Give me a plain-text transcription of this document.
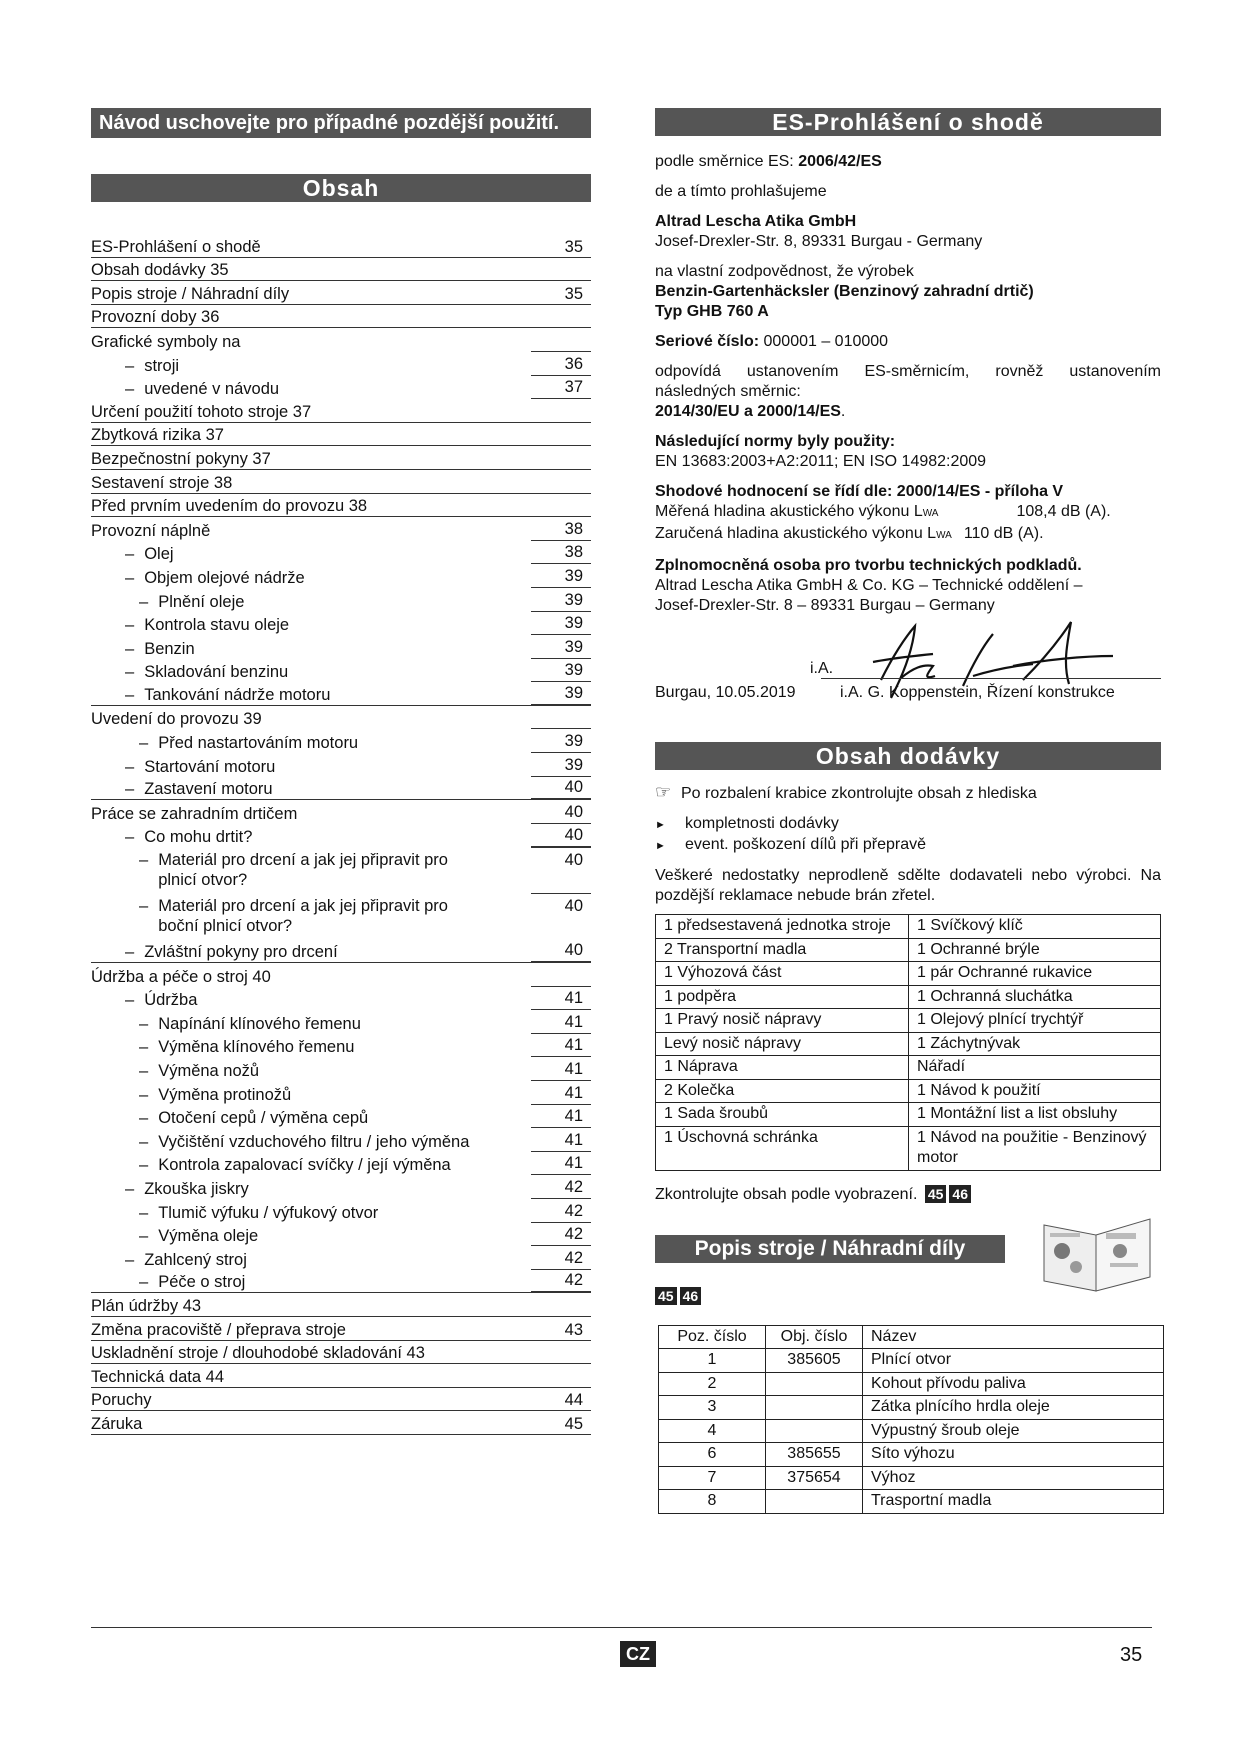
Návod uschovejte pro případné pozdější použití.
Obsah
ES-Prohlášení o shodě	35
Obsah dodávky 35
Popis stroje / Náhradní díly	35
Provozní doby 36
Grafické symboly na
– stroji	36
– uvedené v návodu	37
Určení použití tohoto stroje 37
Zbytková rizika 37
Bezpečnostní pokyny 37
Sestavení stroje 38
Před prvním uvedením do provozu 38
Provozní náplně	38
– Olej	38
– Objem olejové nádrže	39
– Plnění oleje	39
– Kontrola stavu oleje	39
– Benzin	39
– Skladování benzinu	39
– Tankování nádrže motoru	39
Uvedení do provozu 39
– Před nastartováním motoru	39
– Startování motoru	39
– Zastavení motoru	40
Práce se zahradním drtičem	40
– Co mohu drtit?	40
– Materiál pro drcení a jak jej připravit pro plnicí otvor?
40
– Materiál pro drcení a jak jej připravit pro boční plnicí otvor?
40
– Zvláštní pokyny pro drcení	40
Údržba a péče o stroj 40
– Údržba	41
– Napínání klínového řemenu	41
– Výměna klínového řemenu	41
– Výměna nožů	41
– Výměna protinožů	41
– Otočení cepů / výměna cepů	41
– Vyčištění vzduchového filtru / jeho výměna	41
– Kontrola zapalovací svíčky / její výměna	41
– Zkouška jiskry	42
– Tlumič výfuku / výfukový otvor	42
– Výměna oleje	42
– Zahlcený stroj	42
– Péče o stroj	42
Plán údržby 43
Změna pracoviště / přeprava stroje	43
Uskladnění stroje / dlouhodobé skladování 43
Technická data 44
Poruchy	44
Záruka	45
ES-Prohlášení o shodě

podle směrnice ES: 2006/42/ES

de a tímto prohlašujeme

Altrad Lescha Atika GmbH

Josef-Drexler-Str. 8, 89331 Burgau - Germany

na vlastní zodpovědnost, že výrobek

Benzin-Gartenhäcksler (Benzinový zahradní drtič)

Typ GHB 760 A

Seriové číslo: 000001 – 010000

odpovídá ustanovením ES-směrnicím, rovněž ustanovením

následných směrnic:

2014/30/EU a 2000/14/ES.

Následující normy byly použity:

EN 13683:2003+A2:2011; EN ISO 14982:2009

Shodové hodnocení se řídí dle: 2000/14/ES - příloha V

Měřená hladina akustického výkonu LWA	108,4 dB (A).

Zaručená hladina akustického výkonu LWA 110 dB (A).

Zplnomocněná osoba pro tvorbu technických podkladů.

Altrad Lescha Atika GmbH & Co. KG – Technické oddělení –

Josef-Drexler-Str. 8 – 89331 Burgau – Germany

i.A.
Burgau, 10.05.2019	i.A. G. Koppenstein, Řízení konstrukce
Obsah dodávky

☞ Po rozbalení krabice zkontrolujte obsah z hlediska

► kompletnosti dodávky

► event. poškození dílů při přepravě

Veškeré nedostatky neprodleně sdělte dodavateli nebo výrobci. Na pozdější reklamace nebude brán zřetel.

1 předsestavená jednotka stroje	1 Svíčkový klíč
2 Transportní madla	1 Ochranné brýle
1 Výhozová část	1 pár Ochranné rukavice
1 podpěra	1 Ochranná sluchátka
1 Pravý nosič nápravy	1 Olejový plnící trychtýř
Levý nosič nápravy	1 Záchytnývak
1 Náprava	Nářadí
2 Kolečka	1 Návod k použití
1 Sada šroubů	1 Montážní list a list obsluhy
1 Úschovná schránka	1 Návod na použitie - Benzinový motor

Zkontrolujte obsah podle vyobrazení. 45 46

Popis stroje / Náhradní díly
45 46
Poz. číslo	Obj. číslo	Název
1	385605	Plnící otvor
2		Kohout přívodu paliva
3		Zátka plnícího hrdla oleje
4		Výpustný šroub oleje
6	385655	Síto výhozu
7	375654	Výhoz
8		Trasportní madla
CZ	35
